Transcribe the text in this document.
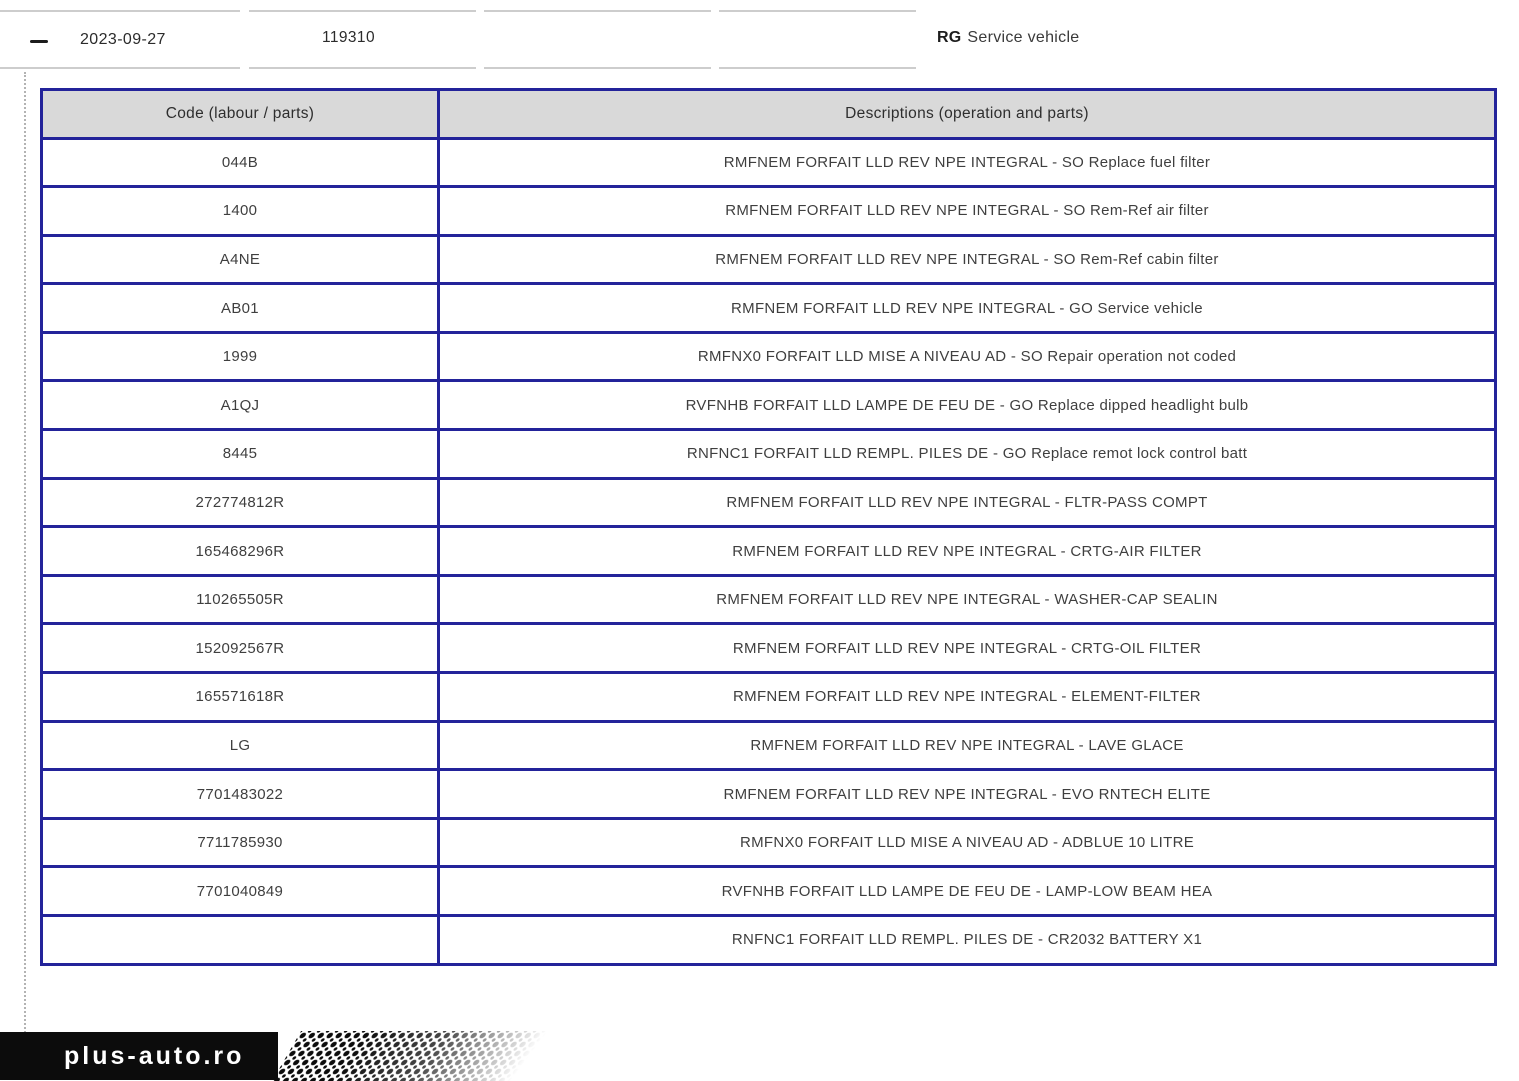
2023-09-27	119310	RG Service vehicle
Code (labour / parts)	Descriptions (operation and parts)
044B	RMFNEM FORFAIT LLD REV NPE INTEGRAL - SO Replace fuel filter
1400	RMFNEM FORFAIT LLD REV NPE INTEGRAL - SO Rem-Ref air filter
A4NE	RMFNEM FORFAIT LLD REV NPE INTEGRAL - SO Rem-Ref cabin filter
AB01	RMFNEM FORFAIT LLD REV NPE INTEGRAL - GO Service vehicle
1999	RMFNX0 FORFAIT LLD MISE A NIVEAU AD - SO Repair operation not coded
A1QJ	RVFNHB FORFAIT LLD LAMPE DE FEU DE - GO Replace dipped headlight bulb
8445	RNFNC1 FORFAIT LLD REMPL. PILES DE - GO Replace remot lock control batt
272774812R	RMFNEM FORFAIT LLD REV NPE INTEGRAL - FLTR-PASS COMPT
165468296R	RMFNEM FORFAIT LLD REV NPE INTEGRAL - CRTG-AIR FILTER
110265505R	RMFNEM FORFAIT LLD REV NPE INTEGRAL - WASHER-CAP SEALIN
152092567R	RMFNEM FORFAIT LLD REV NPE INTEGRAL - CRTG-OIL FILTER
165571618R	RMFNEM FORFAIT LLD REV NPE INTEGRAL - ELEMENT-FILTER
LG	RMFNEM FORFAIT LLD REV NPE INTEGRAL - LAVE GLACE
7701483022	RMFNEM FORFAIT LLD REV NPE INTEGRAL - EVO RNTECH ELITE
7711785930	RMFNX0 FORFAIT LLD MISE A NIVEAU AD - ADBLUE 10 LITRE
7701040849	RVFNHB FORFAIT LLD LAMPE DE FEU DE - LAMP-LOW BEAM HEA
	RNFNC1 FORFAIT LLD REMPL. PILES DE - CR2032 BATTERY X1
plus-auto.ro
